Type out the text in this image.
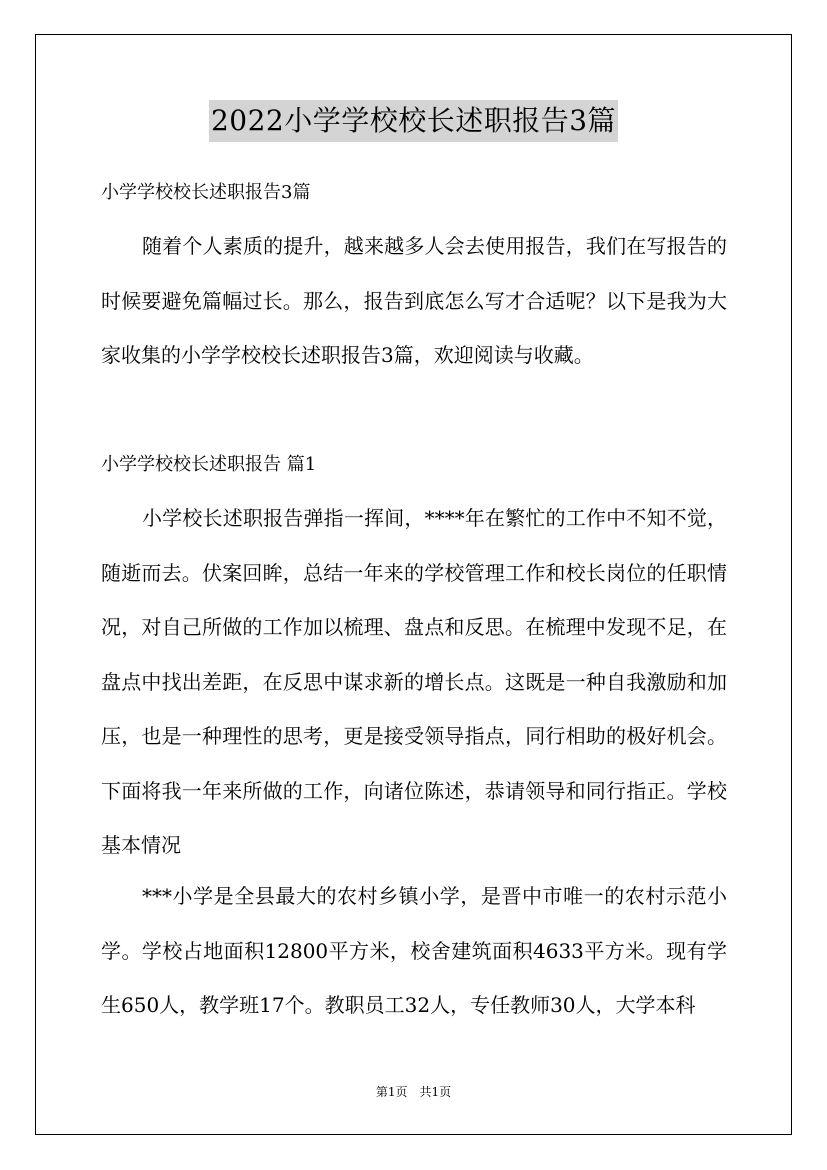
2022小学学校校长述职报告3篇
小学学校校长述职报告3篇

随着个人素质的提升，越来越多人会去使用报告，我们在写报告的时候要避免篇幅过长。那么，报告到底怎么写才合适呢？以下是我为大家收集的小学学校校长述职报告3篇，欢迎阅读与收藏。

小学学校校长述职报告 篇1

小学校长述职报告弹指一挥间，****年在繁忙的工作中不知不觉，随逝而去。伏案回眸，总结一年来的学校管理工作和校长岗位的任职情况，对自己所做的工作加以梳理、盘点和反思。在梳理中发现不足，在盘点中找出差距，在反思中谋求新的增长点。这既是一种自我激励和加压，也是一种理性的思考，更是接受领导指点，同行相助的极好机会。下面将我一年来所做的工作，向诸位陈述，恭请领导和同行指正。学校基本情况

***小学是全县最大的农村乡镇小学，是晋中市唯一的农村示范小学。学校占地面积12800平方米，校舍建筑面积4633平方米。现有学生650人，教学班17个。教职员工32人，专任教师30人，大学本科

第1页　共1页
